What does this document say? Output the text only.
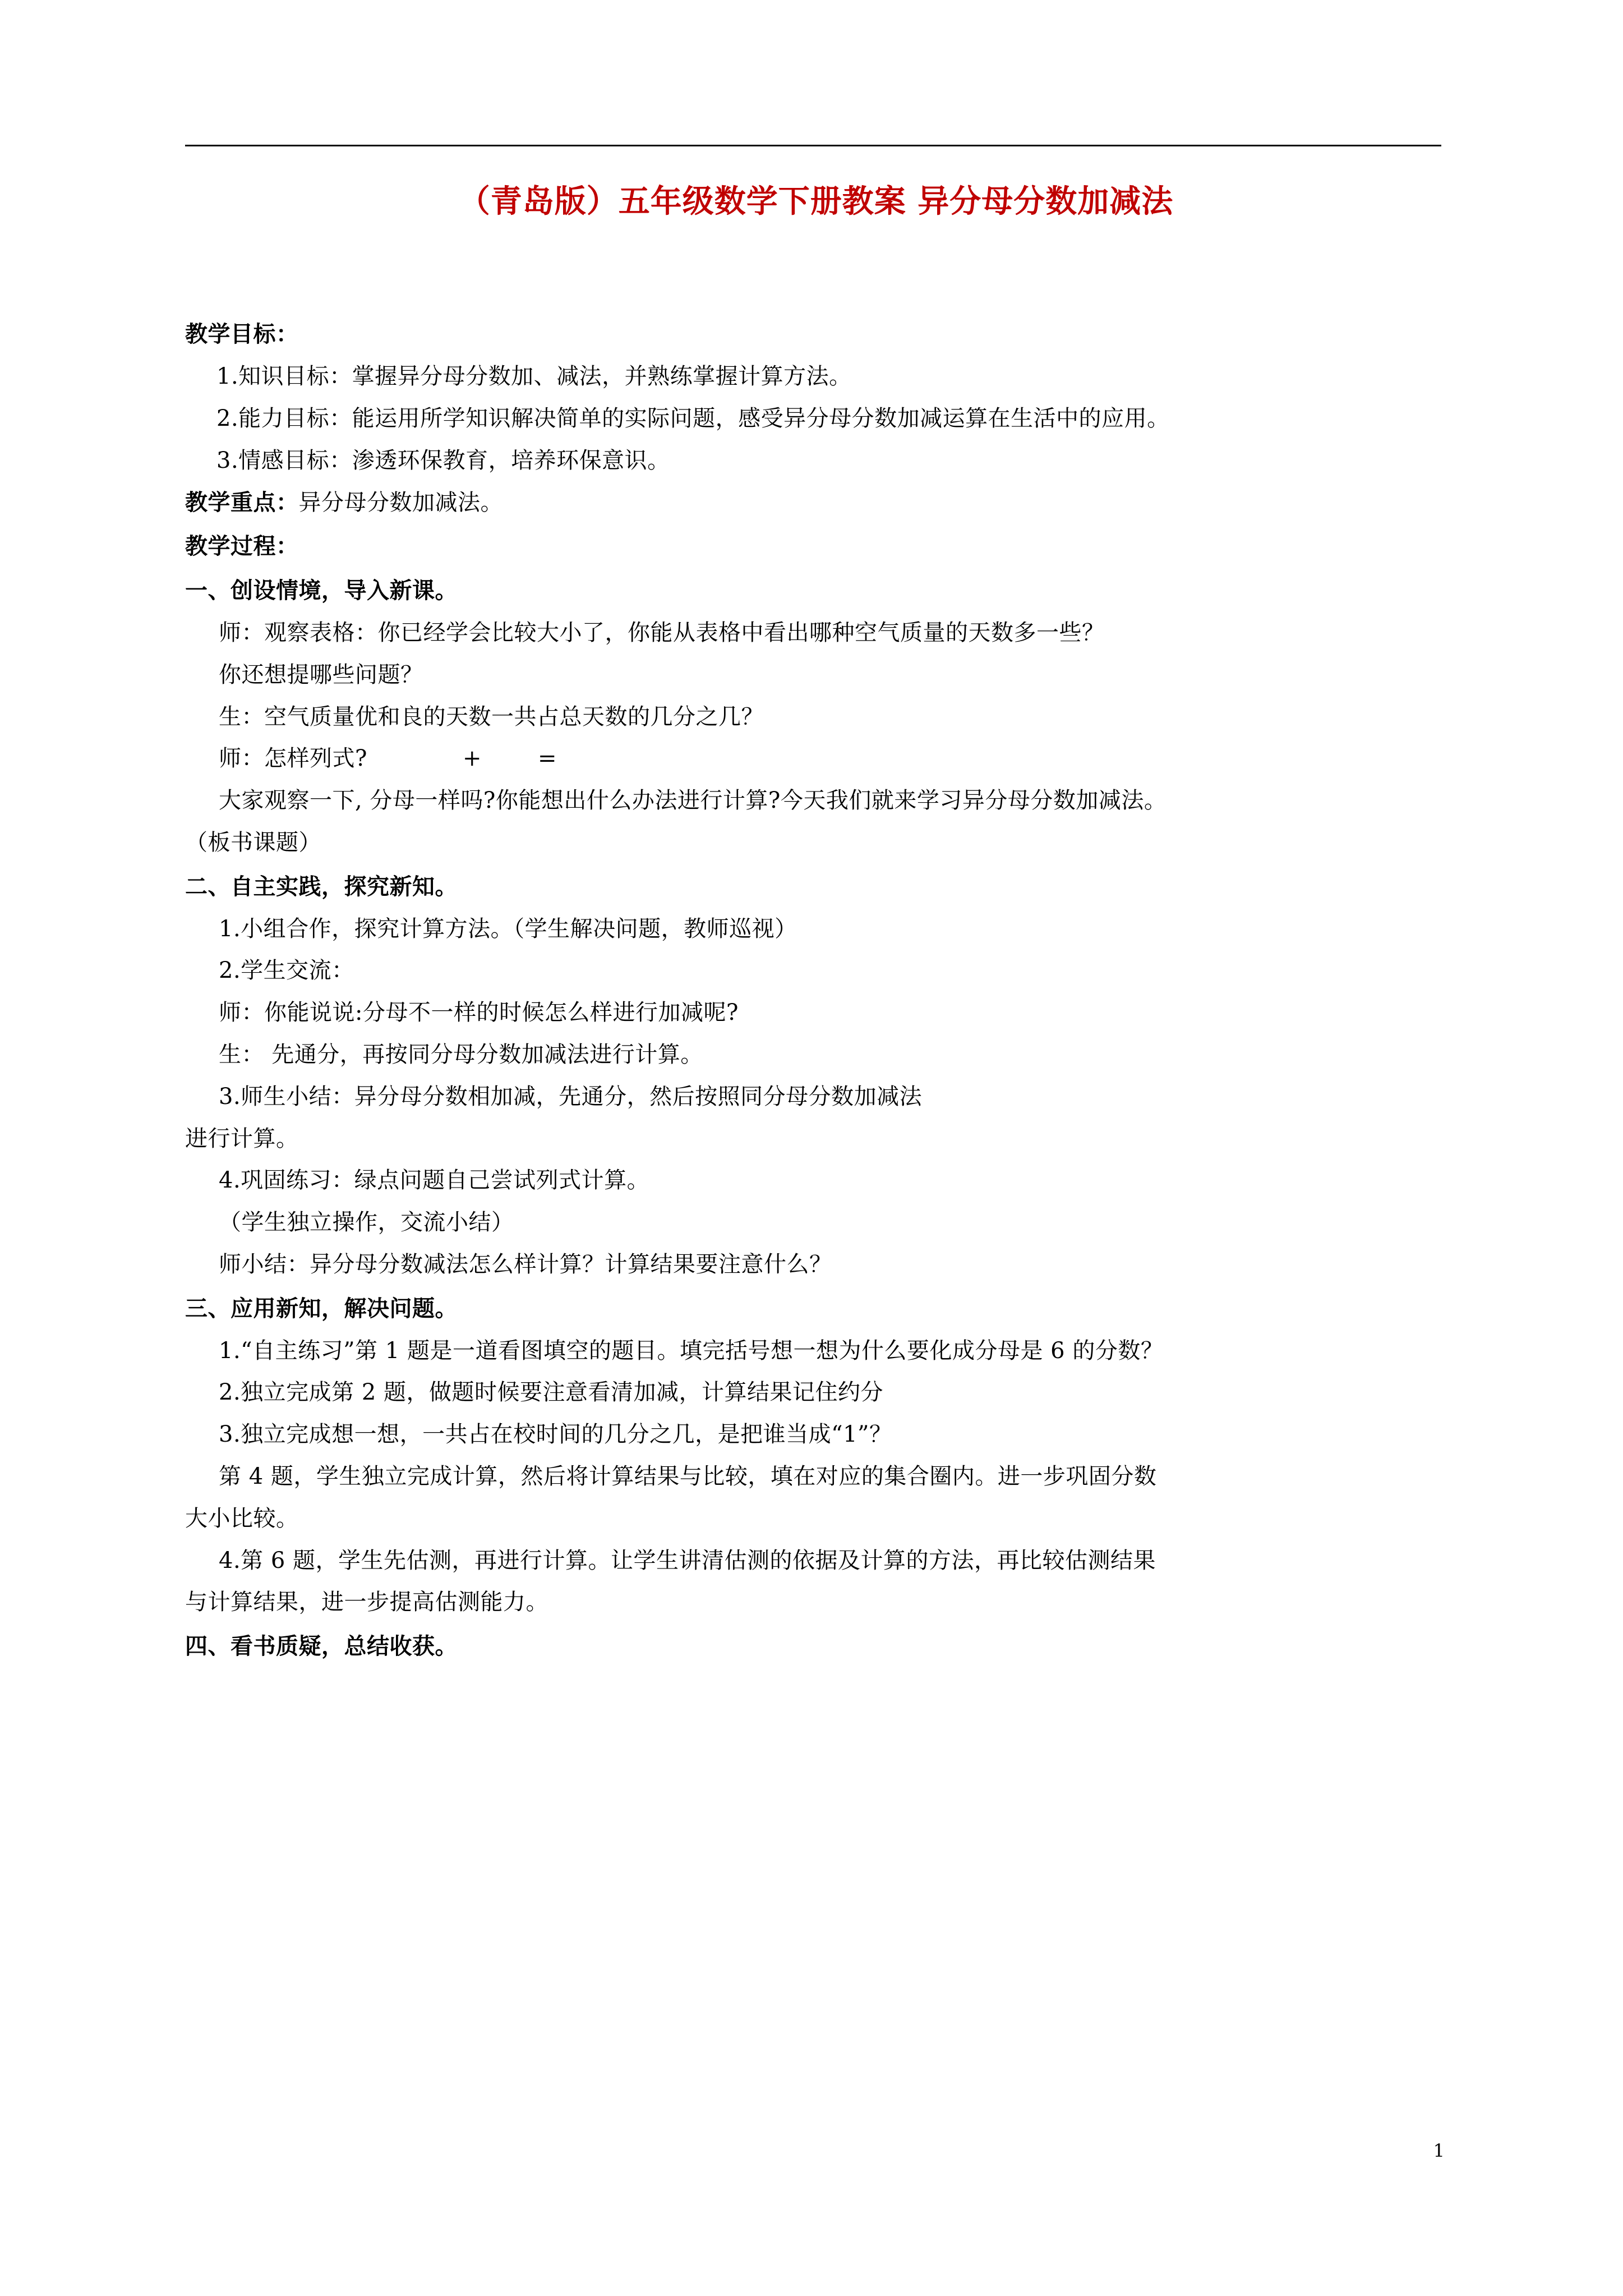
（青岛版）五年级数学下册教案 异分母分数加减法

教学目标：

1.知识目标：掌握异分母分数加、减法，并熟练掌握计算方法。

2.能力目标：能运用所学知识解决简单的实际问题，感受异分母分数加减运算在生活中的应用。

3.情感目标：渗透环保教育，培养环保意识。

教学重点：异分母分数加减法。

教学过程：

一、创设情境，导入新课。

师：观察表格：你已经学会比较大小了，你能从表格中看出哪种空气质量的天数多一些？

你还想提哪些问题？

生：空气质量优和良的天数一共占总天数的几分之几？

师：怎样列式?	+	=

大家观察一下, 分母一样吗?你能想出什么办法进行计算?今天我们就来学习异分母分数加减法。

（板书课题）

二、自主实践，探究新知。

1.小组合作，探究计算方法。（学生解决问题，教师巡视）

2.学生交流：

师：你能说说:分母不一样的时候怎么样进行加减呢?

生： 先通分，再按同分母分数加减法进行计算。

3.师生小结：异分母分数相加减，先通分，然后按照同分母分数加减法

进行计算。

4.巩固练习：绿点问题自己尝试列式计算。

（学生独立操作，交流小结）

师小结：异分母分数减法怎么样计算？计算结果要注意什么？

三、应用新知，解决问题。

1.“自主练习”第 1 题是一道看图填空的题目。填完括号想一想为什么要化成分母是 6 的分数？

2.独立完成第 2 题，做题时候要注意看清加减，计算结果记住约分

3.独立完成想一想，一共占在校时间的几分之几，是把谁当成“1”？

第 4 题，学生独立完成计算，然后将计算结果与比较，填在对应的集合圈内。进一步巩固分数

大小比较。

4.第 6 题，学生先估测，再进行计算。让学生讲清估测的依据及计算的方法，再比较估测结果

与计算结果，进一步提高估测能力。

四、看书质疑，总结收获。

1
